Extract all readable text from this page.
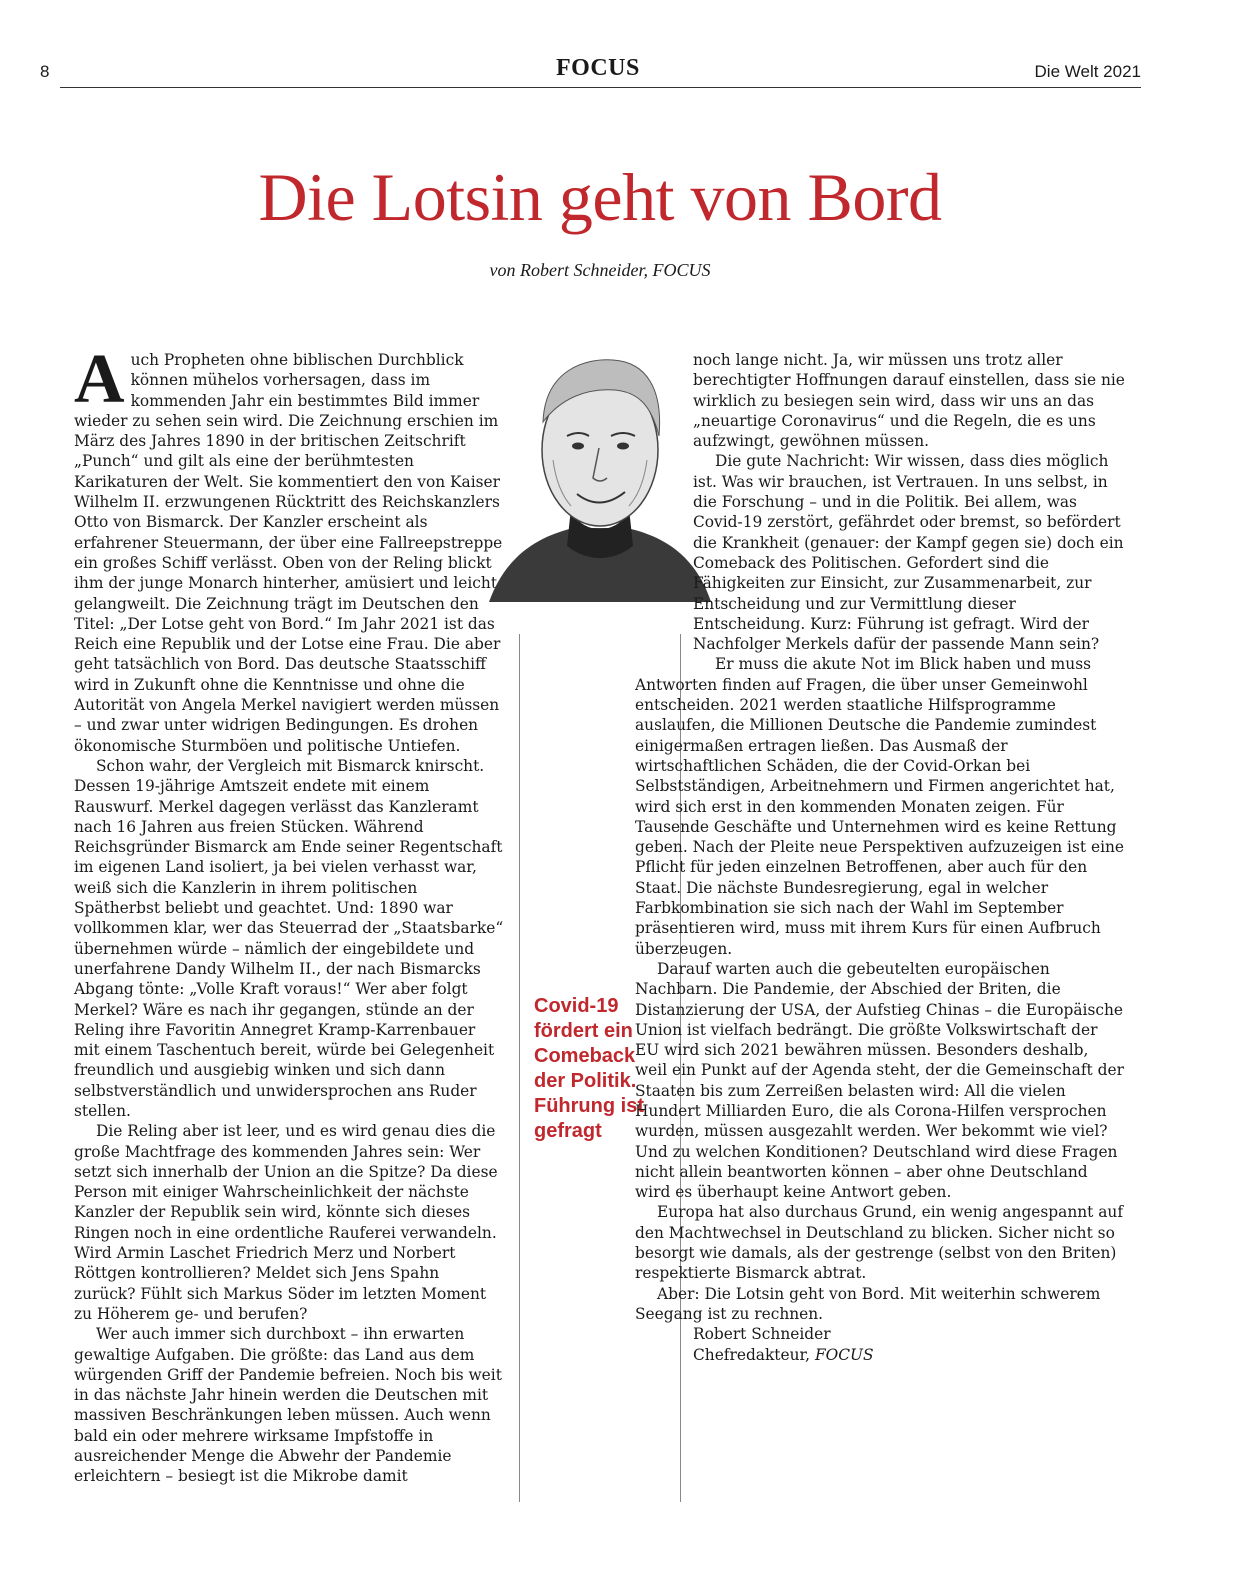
8	FOCUS	Die Welt 2021
Die Lotsin geht von Bord
von Robert Schneider, FOCUS

Auch Propheten ohne biblischen Durchblick können mühelos vorhersagen, dass im kommenden Jahr ein bestimmtes Bild immer wieder zu sehen sein wird. Die Zeichnung erschien im März des Jahres 1890 in der britischen Zeitschrift „Punch“ und gilt als eine der berühmtesten Karikaturen der Welt. Sie kommentiert den von Kaiser Wilhelm II. erzwungenen Rücktritt des Reichskanzlers Otto von Bismarck. Der Kanzler erscheint als erfahrener Steuermann, der über eine Fallreepstreppe ein großes Schiff verlässt. Oben von der Reling blickt ihm der junge Monarch hinterher, amüsiert und leicht gelangweilt. Die Zeichnung trägt im Deutschen den Titel: „Der Lotse geht von Bord.“ Im Jahr 2021 ist das Reich eine Republik und der Lotse eine Frau. Die aber geht tatsächlich von Bord. Das deutsche Staatsschiff wird in Zukunft ohne die Kenntnisse und ohne die Autorität von Angela Merkel navigiert werden müssen – und zwar unter widrigen Bedingungen. Es drohen ökonomische Sturmböen und politische Untiefen.

Schon wahr, der Vergleich mit Bismarck knirscht. Dessen 19-jährige Amtszeit endete mit einem Rauswurf. Merkel dagegen verlässt das Kanzleramt nach 16 Jahren aus freien Stücken. Während Reichsgründer Bismarck am Ende seiner Regentschaft im eigenen Land isoliert, ja bei vielen verhasst war, weiß sich die Kanzlerin in ihrem politischen Spätherbst beliebt und geachtet. Und: 1890 war vollkommen klar, wer das Steuerrad der „Staatsbarke“ übernehmen würde – nämlich der eingebildete und unerfahrene Dandy Wilhelm II., der nach Bismarcks Abgang tönte: „Volle Kraft voraus!“ Wer aber folgt Merkel? Wäre es nach ihr gegangen, stünde an der Reling ihre Favoritin Annegret Kramp-Karrenbauer mit einem Taschentuch bereit, würde bei Gelegenheit freundlich und ausgiebig winken und sich dann selbstverständlich und unwidersprochen ans Ruder stellen.

Die Reling aber ist leer, und es wird genau dies die große Machtfrage des kommenden Jahres sein: Wer setzt sich innerhalb der Union an die Spitze? Da diese Person mit einiger Wahrscheinlichkeit der nächste Kanzler der Republik sein wird, könnte sich dieses Ringen noch in eine ordentliche Rauferei verwandeln. Wird Armin Laschet Friedrich Merz und Norbert Röttgen kontrollieren? Meldet sich Jens Spahn zurück? Fühlt sich Markus Söder im letzten Moment zu Höherem ge- und berufen?

Wer auch immer sich durchboxt – ihn erwarten gewaltige Aufgaben. Die größte: das Land aus dem würgenden Griff der Pandemie befreien. Noch bis weit in das nächste Jahr hinein werden die Deutschen mit massiven Beschränkungen leben müssen. Auch wenn bald ein oder mehrere wirksame Impfstoffe in ausreichender Menge die Abwehr der Pandemie erleichtern – besiegt ist die Mikrobe damit

Covid-19 fördert ein Comeback der Politik. Führung ist gefragt

noch lange nicht. Ja, wir müssen uns trotz aller berechtigter Hoffnungen darauf einstellen, dass sie nie wirklich zu besiegen sein wird, dass wir uns an das „neuartige Coronavirus“ und die Regeln, die es uns aufzwingt, gewöhnen müssen.

Die gute Nachricht: Wir wissen, dass dies möglich ist. Was wir brauchen, ist Vertrauen. In uns selbst, in die Forschung – und in die Politik. Bei allem, was Covid-19 zerstört, gefährdet oder bremst, so befördert die Krankheit (genauer: der Kampf gegen sie) doch ein Comeback des Politischen. Gefordert sind die Fähigkeiten zur Einsicht, zur Zusammenarbeit, zur Entscheidung und zur Vermittlung dieser Entscheidung. Kurz: Führung ist gefragt. Wird der Nachfolger Merkels dafür der passende Mann sein?

Er muss die akute Not im Blick haben und muss Antworten finden auf Fragen, die über unser Gemeinwohl entscheiden. 2021 werden staatliche Hilfsprogramme auslaufen, die Millionen Deutsche die Pandemie zumindest einigermaßen ertragen ließen. Das Ausmaß der wirtschaftlichen Schäden, die der Covid-Orkan bei Selbstständigen, Arbeitnehmern und Firmen angerichtet hat, wird sich erst in den kommenden Monaten zeigen. Für Tausende Geschäfte und Unternehmen wird es keine Rettung geben. Nach der Pleite neue Perspektiven aufzuzeigen ist eine Pflicht für jeden einzelnen Betroffenen, aber auch für den Staat. Die nächste Bundesregierung, egal in welcher Farbkombination sie sich nach der Wahl im September präsentieren wird, muss mit ihrem Kurs für einen Aufbruch überzeugen.

Darauf warten auch die gebeutelten europäischen Nachbarn. Die Pandemie, der Abschied der Briten, die Distanzierung der USA, der Aufstieg Chinas – die Europäische Union ist vielfach bedrängt. Die größte Volkswirtschaft der EU wird sich 2021 bewähren müssen. Besonders deshalb, weil ein Punkt auf der Agenda steht, der die Gemeinschaft der Staaten bis zum Zerreißen belasten wird: All die vielen Hundert Milliarden Euro, die als Corona-Hilfen versprochen wurden, müssen ausgezahlt werden. Wer bekommt wie viel? Und zu welchen Konditionen? Deutschland wird diese Fragen nicht allein beantworten können – aber ohne Deutschland wird es überhaupt keine Antwort geben.

Europa hat also durchaus Grund, ein wenig angespannt auf den Machtwechsel in Deutschland zu blicken. Sicher nicht so besorgt wie damals, als der gestrenge (selbst von den Briten) respektierte Bismarck abtrat.

Aber: Die Lotsin geht von Bord. Mit weiterhin schwerem Seegang ist zu rechnen.

Robert Schneider
Chefredakteur, FOCUS
